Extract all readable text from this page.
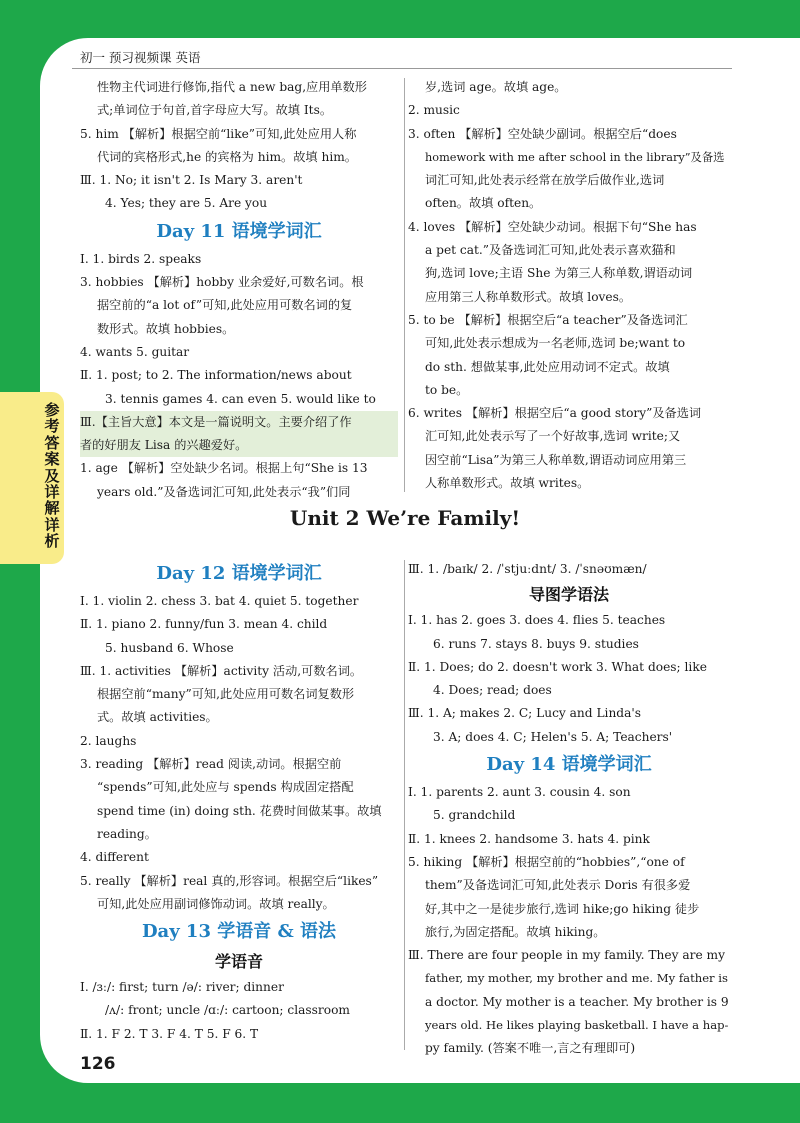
参考答案及详解详析
初一 预习视频课 英语
性物主代词进行修饰,指代 a new bag,应用单数形
式;单词位于句首,首字母应大写。故填 Its。
5. him 【解析】根据空前“like”可知,此处应用人称
代词的宾格形式,he 的宾格为 him。故填 him。
Ⅲ. 1. No; it isn't 2. Is Mary 3. aren't
4. Yes; they are 5. Are you
Day 11 语境学词汇
Ⅰ. 1. birds 2. speaks
3. hobbies 【解析】hobby 业余爱好,可数名词。根
据空前的“a lot of”可知,此处应用可数名词的复
数形式。故填 hobbies。
4. wants 5. guitar
Ⅱ. 1. post; to 2. The information/news about
3. tennis games 4. can even 5. would like to
Ⅲ.【主旨大意】本文是一篇说明文。主要介绍了作
者的好朋友 Lisa 的兴趣爱好。
1. age 【解析】空处缺少名词。根据上句“She is 13
years old.”及备选词汇可知,此处表示“我”们同
岁,选词 age。故填 age。
2. music
3. often 【解析】空处缺少副词。根据空后“does
homework with me after school in the library”及备选
词汇可知,此处表示经常在放学后做作业,选词
often。故填 often。
4. loves 【解析】空处缺少动词。根据下句“She has
a pet cat.”及备选词汇可知,此处表示喜欢猫和
狗,选词 love;主语 She 为第三人称单数,谓语动词
应用第三人称单数形式。故填 loves。
5. to be 【解析】根据空后“a teacher”及备选词汇
可知,此处表示想成为一名老师,选词 be;want to
do sth. 想做某事,此处应用动词不定式。故填
to be。
6. writes 【解析】根据空后“a good story”及备选词
汇可知,此处表示写了一个好故事,选词 write;又
因空前“Lisa”为第三人称单数,谓语动词应用第三
人称单数形式。故填 writes。
Unit 2 We’re Family!
Day 12 语境学词汇
Ⅰ. 1. violin 2. chess 3. bat 4. quiet 5. together
Ⅱ. 1. piano 2. funny/fun 3. mean 4. child
5. husband 6. Whose
Ⅲ. 1. activities 【解析】activity 活动,可数名词。
根据空前“many”可知,此处应用可数名词复数形
式。故填 activities。
2. laughs
3. reading 【解析】read 阅读,动词。根据空前
“spends”可知,此处应与 spends 构成固定搭配
spend time (in) doing sth. 花费时间做某事。故填
reading。
4. different
5. really 【解析】real 真的,形容词。根据空后“likes”
可知,此处应用副词修饰动词。故填 really。
Day 13 学语音 & 语法
学语音
Ⅰ. /ɜː/: first; turn /ə/: river; dinner
/ʌ/: front; uncle /ɑː/: cartoon; classroom
Ⅱ. 1. F 2. T 3. F 4. T 5. F 6. T
Ⅲ. 1. /baɪk/ 2. /ˈstjuːdnt/ 3. /ˈsnəʊmæn/
导图学语法
Ⅰ. 1. has 2. goes 3. does 4. flies 5. teaches
6. runs 7. stays 8. buys 9. studies
Ⅱ. 1. Does; do 2. doesn't work 3. What does; like
4. Does; read; does
Ⅲ. 1. A; makes 2. C; Lucy and Linda's
3. A; does 4. C; Helen's 5. A; Teachers'
Day 14 语境学词汇
Ⅰ. 1. parents 2. aunt 3. cousin 4. son
5. grandchild
Ⅱ. 1. knees 2. handsome 3. hats 4. pink
5. hiking 【解析】根据空前的“hobbies”,“one of
them”及备选词汇可知,此处表示 Doris 有很多爱
好,其中之一是徒步旅行,选词 hike;go hiking 徒步
旅行,为固定搭配。故填 hiking。
Ⅲ. There are four people in my family. They are my
father, my mother, my brother and me. My father is
a doctor. My mother is a teacher. My brother is 9
years old. He likes playing basketball. I have a hap-
py family. (答案不唯一,言之有理即可)
126
